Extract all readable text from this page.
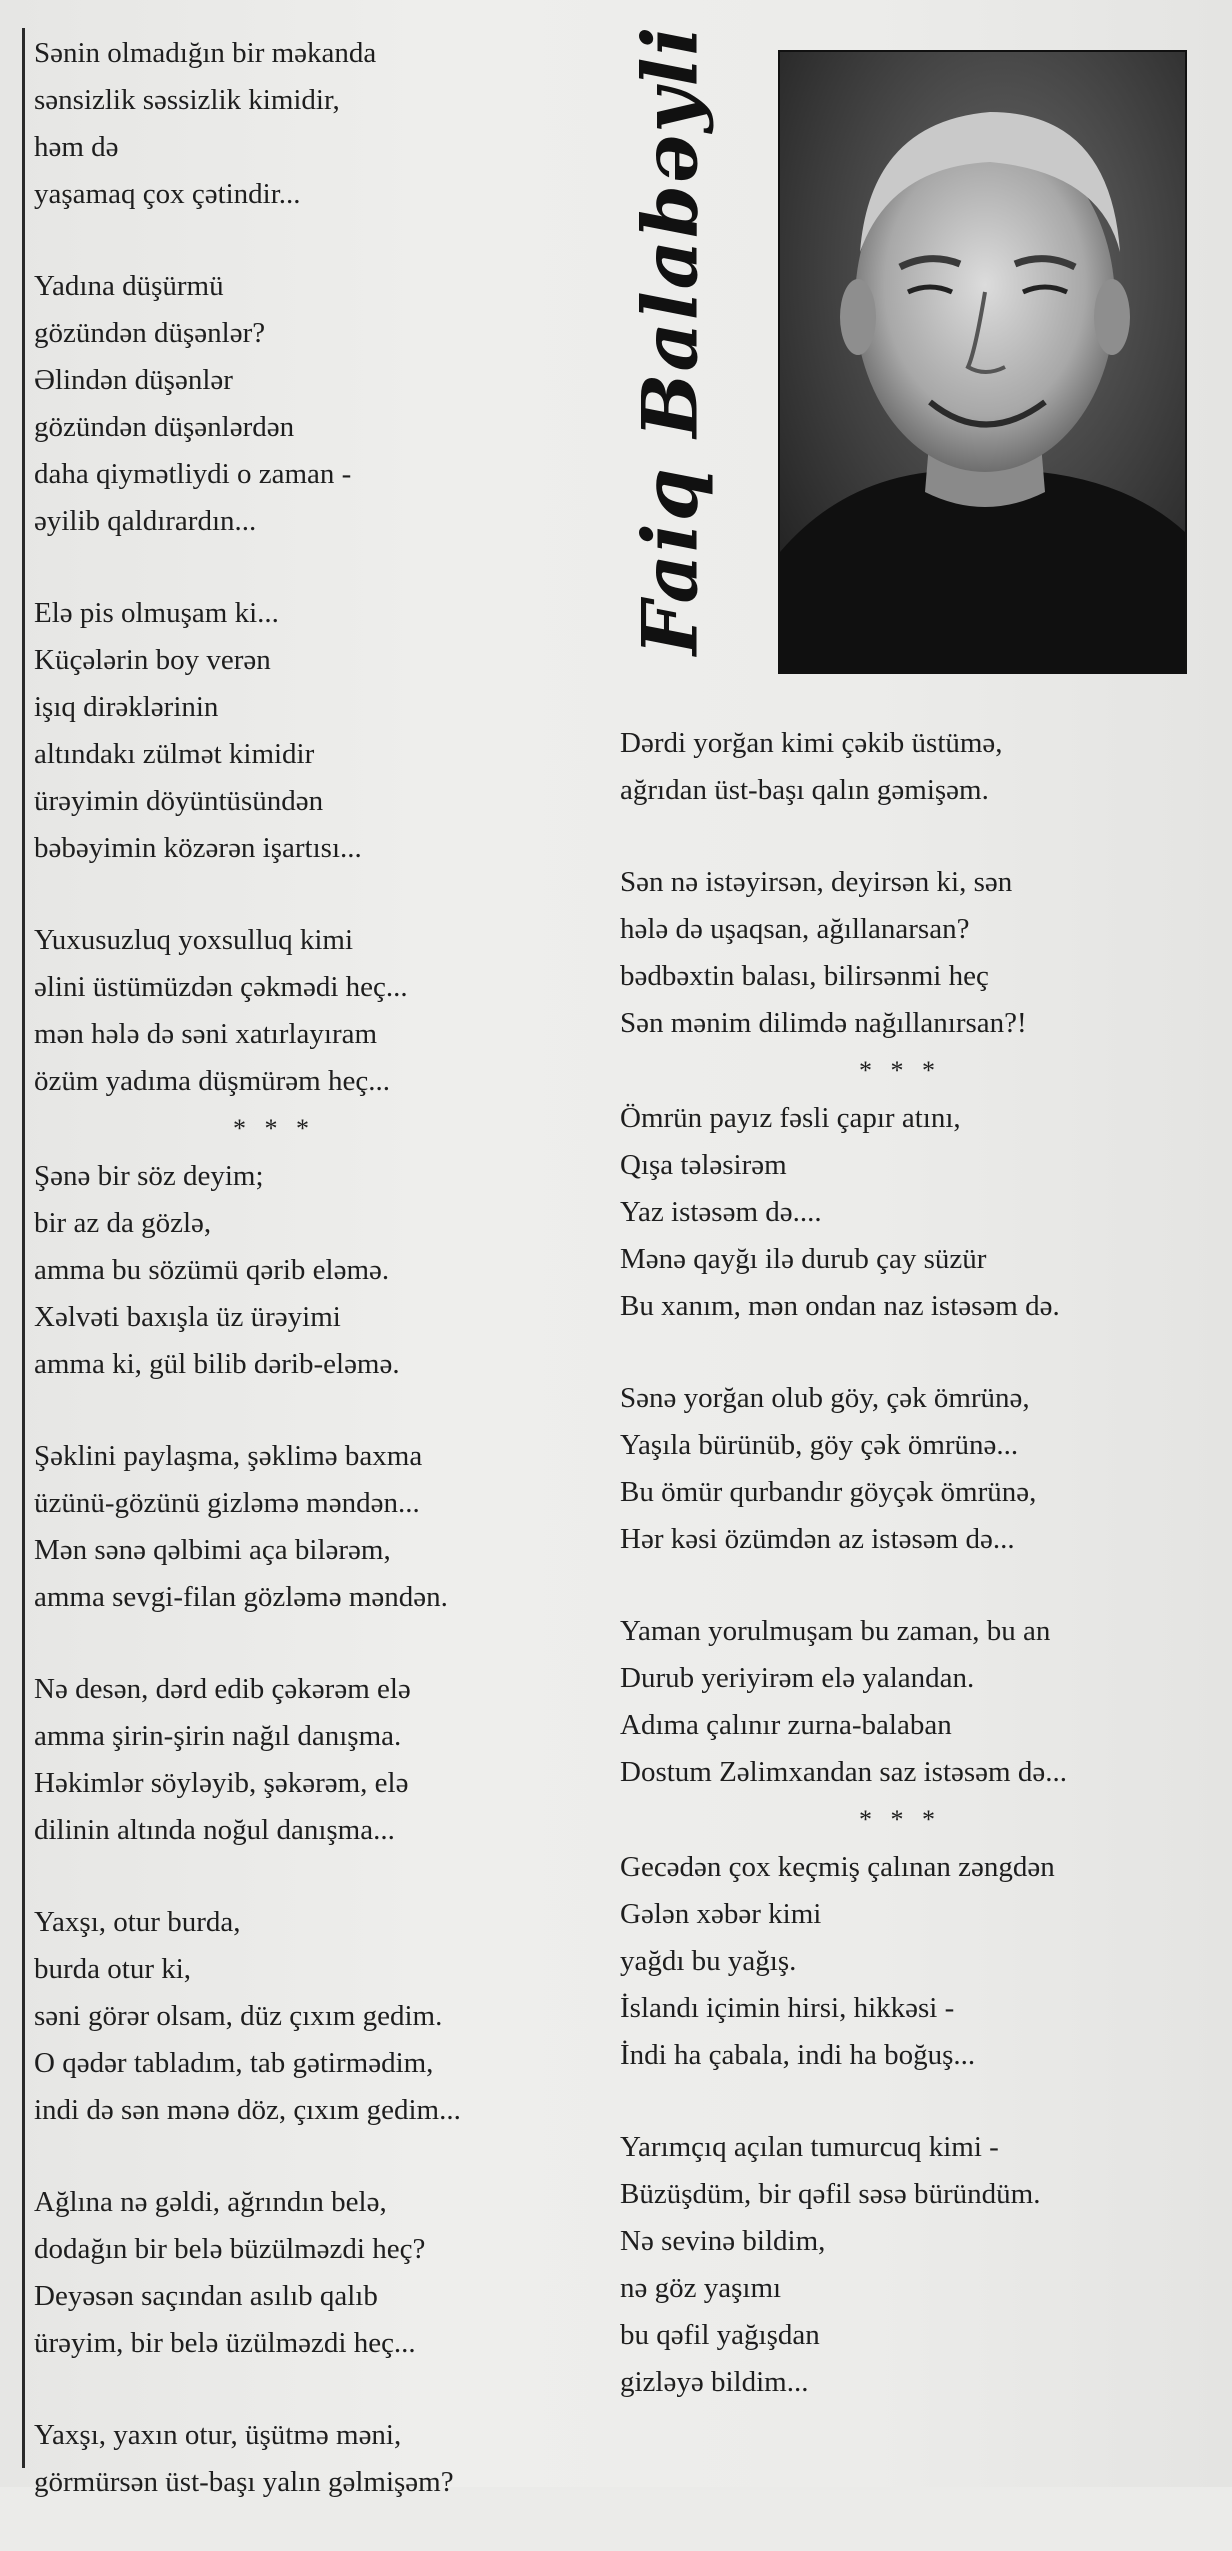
Faiq Balabəyli
Sənin olmadığın bir məkanda
sənsizlik səssizlik kimidir,
həm də
yaşamaq çox çətindir...
Yadına düşürmü
gözündən düşənlər?
Əlindən düşənlər
gözündən düşənlərdən
daha qiymətliydi o zaman -
əyilib qaldırardın...
Elə pis olmuşam ki...
Küçələrin boy verən
işıq dirəklərinin
altındakı zülmət kimidir
ürəyimin döyüntüsündən
bəbəyimin közərən işartısı...
Yuxusuzluq yoxsulluq kimi
əlini üstümüzdən çəkmədi heç...
mən hələ də səni xatırlayıram
özüm yadıma düşmürəm heç...
* * *
Şənə bir söz deyim;
bir az da gözlə,
amma bu sözümü qərib eləmə.
Xəlvəti baxışla üz ürəyimi
amma ki, gül bilib dərib-eləmə.
Şəklini paylaşma, şəklimə baxma
üzünü-gözünü gizləmə məndən...
Mən sənə qəlbimi aça bilərəm,
amma sevgi-filan gözləmə məndən.
Nə desən, dərd edib çəkərəm elə
amma şirin-şirin nağıl danışma.
Həkimlər söyləyib, şəkərəm, elə
dilinin altında noğul danışma...
Yaxşı, otur burda,
burda otur ki,
səni görər olsam, düz çıxım gedim.
O qədər tabladım, tab gətirmədim,
indi də sən mənə döz, çıxım gedim...
Ağlına nə gəldi, ağrındın belə,
dodağın bir belə büzülməzdi heç?
Deyəsən saçından asılıb qalıb
ürəyim, bir belə üzülməzdi heç...
Yaxşı, yaxın otur, üşütmə məni,
görmürsən üst-başı yalın gəlmişəm?
Dərdi yorğan kimi çəkib üstümə,
ağrıdan üst-başı qalın gəmişəm.
Sən nə istəyirsən, deyirsən ki, sən
hələ də uşaqsan, ağıllanarsan?
bədbəxtin balası, bilirsənmi heç
Sən mənim dilimdə nağıllanırsan?!
* * *
Ömrün payız fəsli çapır atını,
Qışa tələsirəm
Yaz istəsəm də....
Mənə qayğı ilə durub çay süzür
Bu xanım, mən ondan naz istəsəm də.
Sənə yorğan olub göy, çək ömrünə,
Yaşıla bürünüb, göy çək ömrünə...
Bu ömür qurbandır göyçək ömrünə,
Hər kəsi özümdən az istəsəm də...
Yaman yorulmuşam bu zaman, bu an
Durub yeriyirəm elə yalandan.
Adıma çalınır zurna-balaban
Dostum Zəlimxandan saz istəsəm də...
* * *
Gecədən çox keçmiş çalınan zəngdən
Gələn xəbər kimi
yağdı bu yağış.
İslandı içimin hirsi, hikkəsi -
İndi ha çabala, indi ha boğuş...
Yarımçıq açılan tumurcuq kimi -
Büzüşdüm, bir qəfil səsə büründüm.
Nə sevinə bildim,
nə göz yaşımı
bu qəfil yağışdan
gizləyə bildim...
